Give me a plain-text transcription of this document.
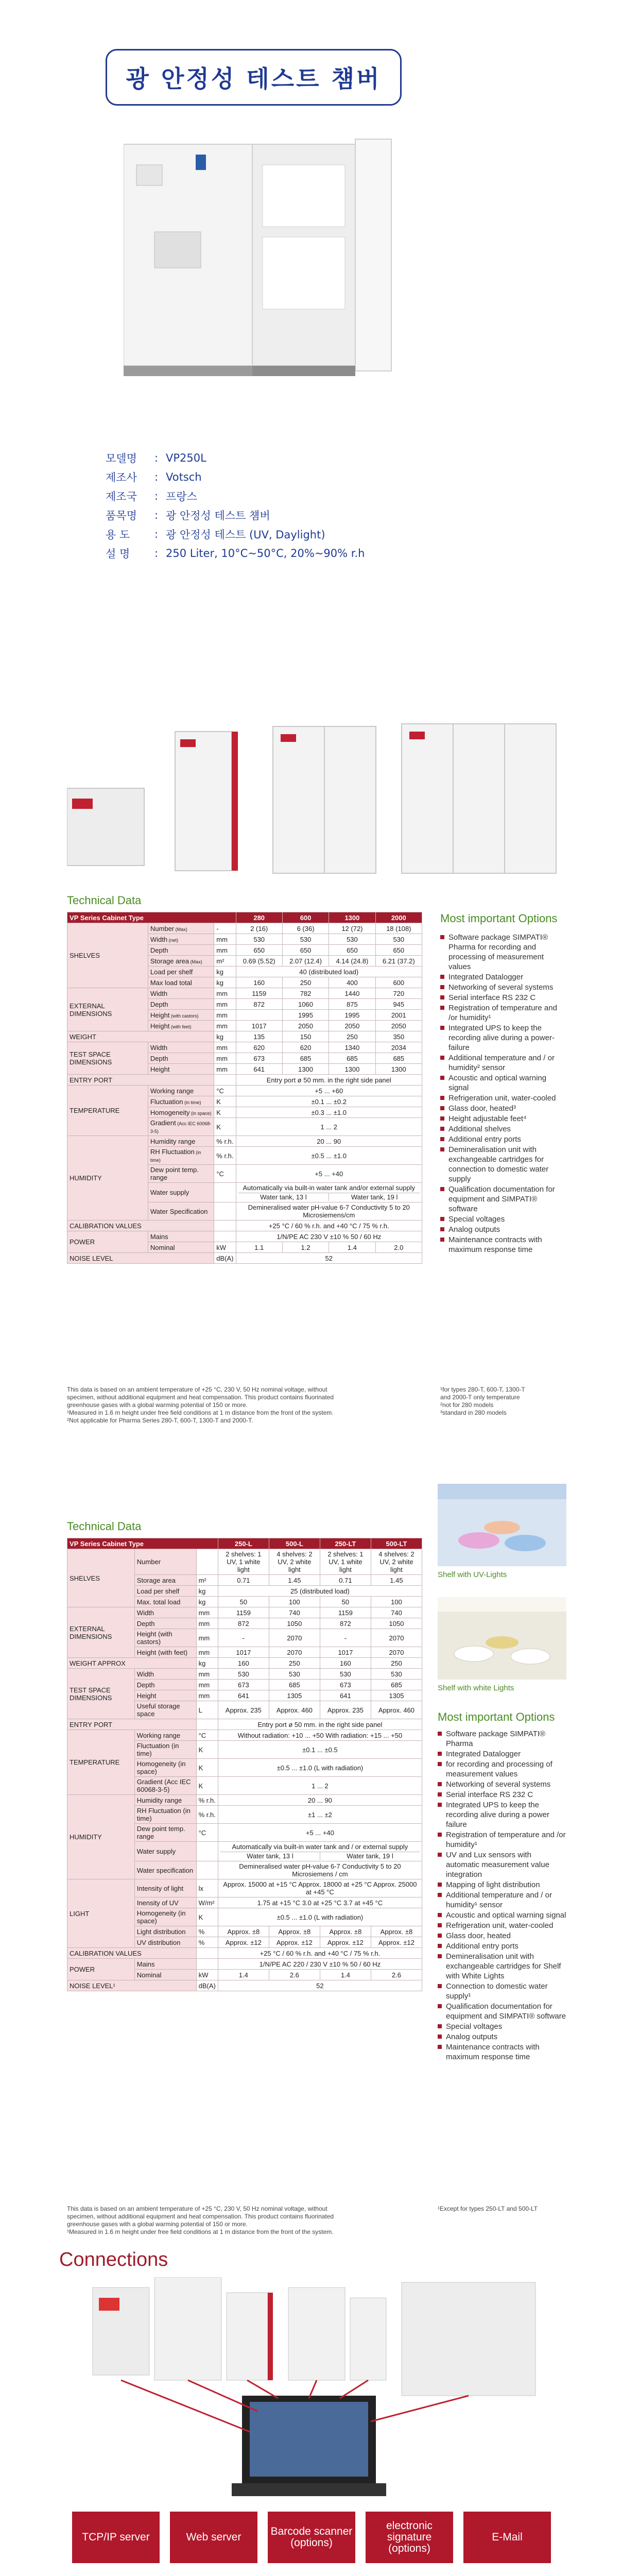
광 안정성 테스트 첌버
모델명	: VP250L
제조사	: Votsch
제조국	: 프랑스
품목명	: 광 안정성 테스트 첌버
용 도	: 광 안정성 테스트 (UV, Daylight)
설 명	: 250 Liter, 10°C~50°C, 20%~90% r.h
Technical Data
VP Series Cabinet Type			280	600	1300	2000
SHELVES	Number (Max)	-	2 (16)	6 (36)	12 (72)	18 (108)
	Width (net)	mm	530	530	530	530
	Depth	mm	650	650	650	650
	Storage area (Max)	m²	0.69 (5.52)	2.07 (12.4)	4.14 (24.8)	6.21 (37.2)
	Load per shelf	kg	40 (distributed load)			
	Max load total	kg	160	250	400	600
EXTERNAL DIMENSIONS	Width	mm	1159	782	1440	720
	Depth	mm	872	1060	875	945
	Height (with castors)	mm		1995	1995	2001
	Height (with feet)	mm	1017	2050	2050	2050
WEIGHT		kg	135	150	250	350
TEST SPACE DIMENSIONS	Width	mm	620	620	1340	2034
	Depth	mm	673	685	685	685
	Height	mm	641	1300	1300	1300
ENTRY PORT			Entry port ø 50 mm. in the right side panel			
TEMPERATURE	Working range	°C	+5 ... +60			
	Fluctuation (in time)	K	±0.1 ... ±0.2			
	Homogeneity (in space)	K	±0.3 ... ±1.0			
	Gradient (Acc IEC 60068-3-5)	K	1 ... 2			
HUMIDITY	Humidity range	% r.h.	20 ... 90			
	RH Fluctuation (in time)	% r.h.	±0.5 ... ±1.0			
	Dew point temp. range	°C	+5 ... +40			
	Water supply		Automatically via built-in water tank and/or external supply
Water tank, 13 l Water tank, 19 l			

	Water Specification		Demineralised water pH-value 6-7 Conductivity 5 to 20 Microsiemens/cm			
CALIBRATION VALUES			+25 °C / 60 % r.h. and +40 °C / 75 % r.h.			
POWER	Mains		1/N/PE AC 230 V ±10 % 50 / 60 Hz			
	Nominal	kW	1.1	1.2	1.4	2.0
NOISE LEVEL		dB(A)	52			
Most important Options
Software package SIMPATI® Pharma for recording and processing of measurement values
Integrated Datalogger
Networking of several systems
Serial interface RS 232 C
Registration of temperature and /or humidity¹
Integrated UPS to keep the recording alive during a power-failure
Additional temperature and / or humidity² sensor
Acoustic and optical warning signal
Refrigeration unit, water-cooled
Glass door, heated³
Height adjustable feet⁴
Additional shelves
Additional entry ports
Demineralisation unit with exchangeable cartridges for connection to domestic water supply
Qualification documentation for equipment and SIMPATI® software
Special voltages
Analog outputs
Maintenance contracts with maximum response time
This data is based on an ambient temperature of +25 °C, 230 V, 50 Hz nominal voltage, without
specimen, without additional equipment and heat compensation. This product contains fluorinated
greenhouse gases with a global warming potential of 150 or more.
¹Measured in 1.6 m height under free field conditions at 1 m distance from the front of the system.
²Not applicable for Pharma Series 280-T, 600-T, 1300-T and 2000-T.
¹for types 280-T, 600-T, 1300-T
and 2000-T only temperature
²not for 280 models
³standard in 280 models
Technical Data
VP Series Cabinet Type			250-L	500-L	250-LT	500-LT
SHELVES	Number		2 shelves: 1 UV, 1 white light	4 shelves: 2 UV, 2 white light	2 shelves: 1 UV, 1 white light	4 shelves: 2 UV, 2 white light
	Storage area	m²	0.71	1.45	0.71	1.45
	Load per shelf	kg	25 (distributed load)			
	Max. total load	kg	50	100	50	100
EXTERNAL DIMENSIONS	Width	mm	1159	740	1159	740
	Depth	mm	872	1050	872	1050
	Height (with castors)	mm	-	2070	-	2070
	Height (with feet)	mm	1017	2070	1017	2070
WEIGHT APPROX		kg	160	250	160	250
TEST SPACE DIMENSIONS	Width	mm	530	530	530	530
	Depth	mm	673	685	673	685
	Height	mm	641	1305	641	1305
	Useful storage space	L	Approx. 235	Approx. 460	Approx. 235	Approx. 460
ENTRY PORT			Entry port ø 50 mm. in the right side panel			
TEMPERATURE	Working range	°C	Without radiation: +10 ... +50 With radiation: +15 ... +50			
	Fluctuation (in time)	K	±0.1 ... ±0.5			
	Homogeneity (in space)	K	±0.5 ... ±1.0 (L with radiation)			
	Gradient (Acc IEC 60068-3-5)	K	1 ... 2			
HUMIDITY	Humidity range	% r.h.	20 ... 90			
	RH Fluctuation (in time)	% r.h.	±1 ... ±2			
	Dew point temp. range	°C	+5 ... +40			
	Water supply		Automatically via built-in water tank and / or external supply
Water tank, 13 l Water tank, 19 l			

	Water specification		Demineralised water pH-value 6-7 Conductivity 5 to 20 Microsiemens / cm			
LIGHT	Intensity of light	lx	Approx. 15000 at +15 °C Approx. 18000 at +25 °C Approx. 25000 at +45 °C			
	Inensity of UV	W/m²	1.75 at +15 °C 3.0 at +25 °C 3.7 at +45 °C			
	Homogeneity (in space)	K	±0.5 ... ±1.0 (L with radiation)			
	Light distribution	%	Approx. ±8	Approx. ±8	Approx. ±8	Approx. ±8
	UV distribution	%	Approx. ±12	Approx. ±12	Approx. ±12	Approx. ±12
CALIBRATION VALUES			+25 °C / 60 % r.h. and +40 °C / 75 % r.h.			
POWER	Mains		1/N/PE AC 220 / 230 V ±10 % 50 / 60 Hz			
	Nominal	kW	1.4	2.6	1.4	2.6
NOISE LEVEL¹		dB(A)	52			
Shelf with UV-Lights
Shelf with white Lights
Most important Options
Software package SIMPATI® Pharma
Integrated Datalogger
for recording and processing of measurement values
Networking of several systems
Serial interface RS 232 C
Integrated UPS to keep the recording alive during a power failure
Registration of temperature and /or humidity¹
UV and Lux sensors with automatic measurement value integration
Mapping of light distribution
Additional temperature and / or humidity¹ sensor
Acoustic and optical warning signal
Refrigeration unit, water-cooled
Glass door, heated
Additional entry ports
Demineralisation unit with exchangeable cartridges for Shelf with White Lights
Connection to domestic water supply¹
Qualification documentation for equipment and SIMPATI® software
Special voltages
Analog outputs
Maintenance contracts with maximum response time
This data is based on an ambient temperature of +25 °C, 230 V, 50 Hz nominal voltage, without
specimen, without additional equipment and heat compensation. This product contains fluorinated
greenhouse gases with a global warming potential of 150 or more.
¹Measured in 1.6 m height under free field conditions at 1 m distance from the front of the system.
¹Except for types 250-LT and 500-LT
Connections
TCP/IP server	Web server	Barcode scanner (options)
electronic signature (options)
E-Mail
